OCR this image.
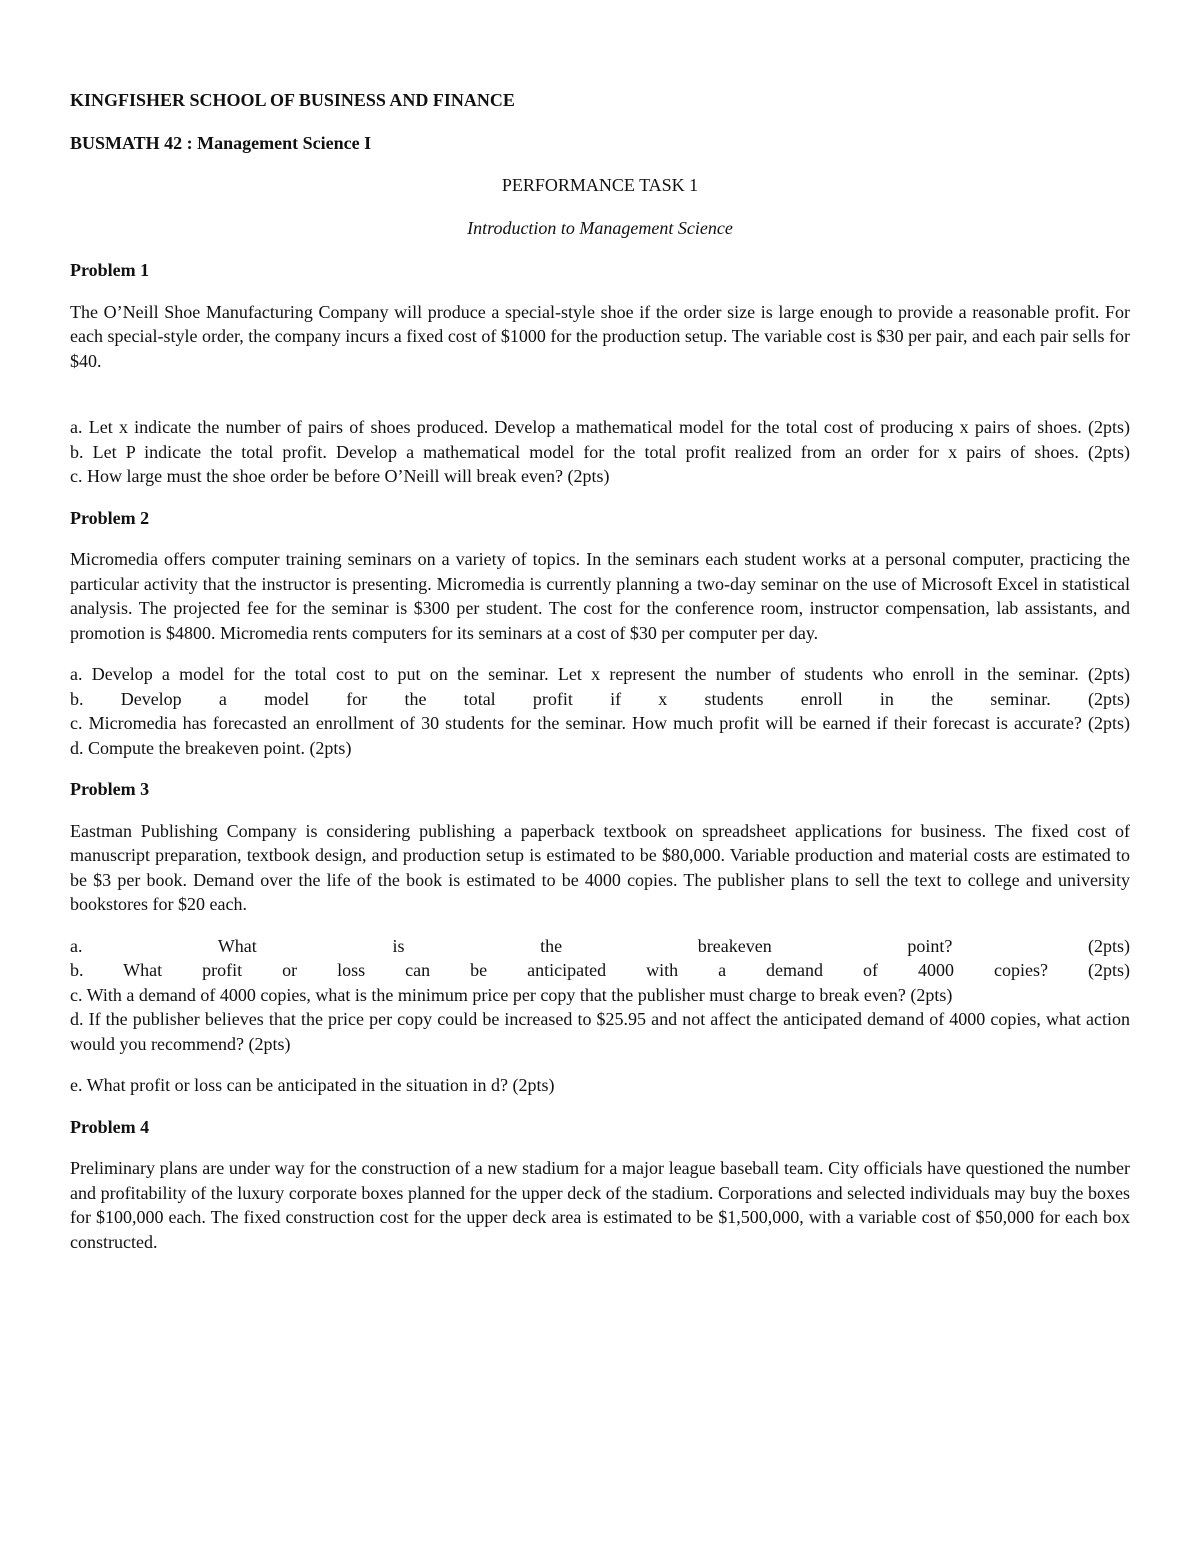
KINGFISHER SCHOOL OF BUSINESS AND FINANCE

BUSMATH 42 : Management Science I

PERFORMANCE TASK 1

Introduction to Management Science

Problem 1

The O’Neill Shoe Manufacturing Company will produce a special-style shoe if the order size is large enough to provide a reasonable profit. For each special-style order, the company incurs a fixed cost of $1000 for the production setup. The variable cost is $30 per pair, and each pair sells for $40.

a. Let x indicate the number of pairs of shoes produced. Develop a mathematical model for the total cost of producing x pairs of shoes. (2pts)

b. Let P indicate the total profit. Develop a mathematical model for the total profit realized from an order for x pairs of shoes. (2pts)

c. How large must the shoe order be before O’Neill will break even? (2pts)

Problem 2

Micromedia offers computer training seminars on a variety of topics. In the seminars each student works at a personal computer, practicing the particular activity that the instructor is presenting. Micromedia is currently planning a two-day seminar on the use of Microsoft Excel in statistical analysis. The projected fee for the seminar is $300 per student. The cost for the conference room, instructor compensation, lab assistants, and promotion is $4800. Micromedia rents computers for its seminars at a cost of $30 per computer per day.

a. Develop a model for the total cost to put on the seminar. Let x represent the number of students who enroll in the seminar. (2pts)

b. Develop a model for the total profit if x students enroll in the seminar. (2pts)

c. Micromedia has forecasted an enrollment of 30 students for the seminar. How much profit will be earned if their forecast is accurate? (2pts)

d. Compute the breakeven point. (2pts)

Problem 3

Eastman Publishing Company is considering publishing a paperback textbook on spreadsheet applications for business. The fixed cost of manuscript preparation, textbook design, and production setup is estimated to be $80,000. Variable production and material costs are estimated to be $3 per book. Demand over the life of the book is estimated to be 4000 copies. The publisher plans to sell the text to college and university bookstores for $20 each.

a. What is the breakeven point? (2pts)

b. What profit or loss can be anticipated with a demand of 4000 copies? (2pts)

c. With a demand of 4000 copies, what is the minimum price per copy that the publisher must charge to break even? (2pts)

d. If the publisher believes that the price per copy could be increased to $25.95 and not affect the anticipated demand of 4000 copies, what action would you recommend? (2pts)

e. What profit or loss can be anticipated in the situation in d? (2pts)

Problem 4

Preliminary plans are under way for the construction of a new stadium for a major league baseball team. City officials have questioned the number and profitability of the luxury corporate boxes planned for the upper deck of the stadium. Corporations and selected individuals may buy the boxes for $100,000 each. The fixed construction cost for the upper deck area is estimated to be $1,500,000, with a variable cost of $50,000 for each box constructed.
